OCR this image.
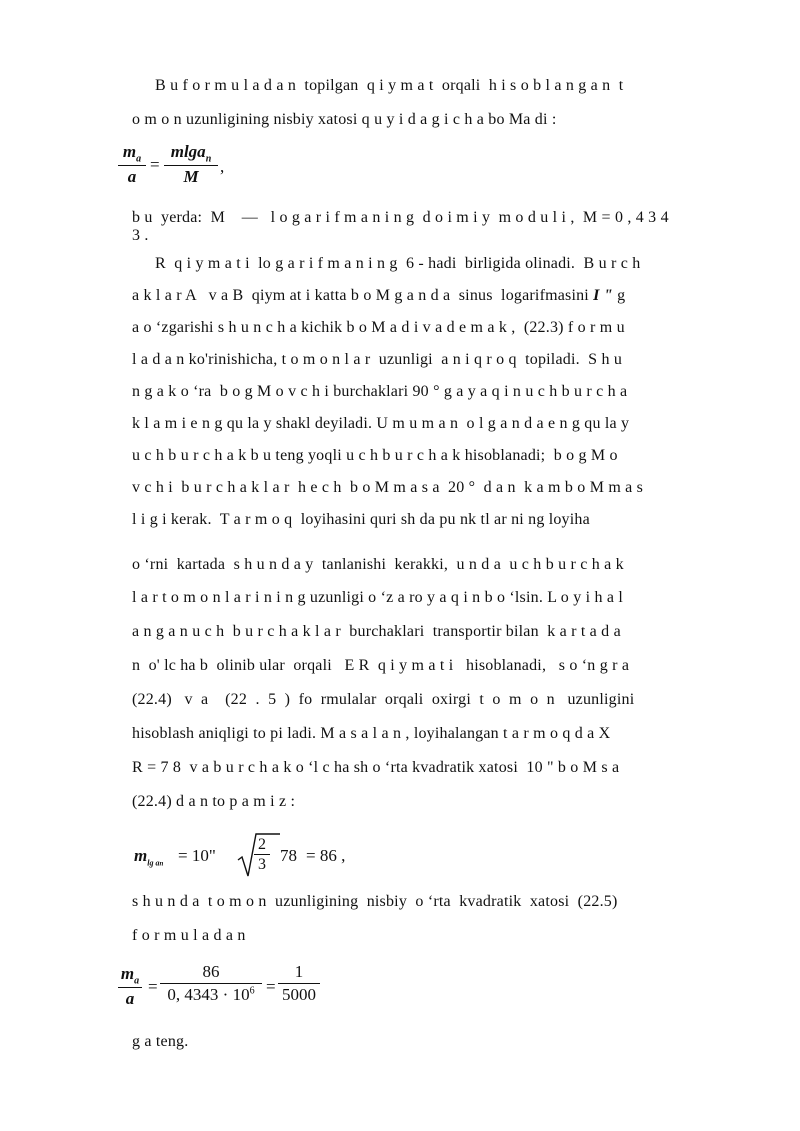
B u f o r m u l a d a n  topilgan  q i y m a t  orqali  h i s o b l a n g a n  t
o m o n uzunligining nisbiy xatosi q u y i d a g i c h a bo Ma di :
$\frac{m_a}{a} = \frac{mlga_n}{M}$ ,
b u  yerda:  M    —   l o g a r i f m a n i n g  d o i m i y  m o d u l i ,  M = 0 , 4 3 4
3 .
R  q i y m a t i  lo g a r i f m a n i n g  6 - hadi  birligida olinadi.  B u r c h
a k l a r A   v a B  qiym at i katta b o M g a n d a  sinus  logarifmasini I " g
a o ‘zgarishi s h u n c h a kichik b o M a d i v a d e m a k ,  (22.3) f o r m u
l a d a n ko'rinishicha, t o m o n l a r  uzunligi  a n i q r o q  topiladi.  S h u
n g a k o ‘ra  b o g M o v c h i burchaklari 90 ° g a y a q i n u c h b u r c h a
k l a m i e n g qu la y shakl deyiladi. U m u m a n  o l g a n d a e n g qu la y
u c h b u r c h a k b u teng yoqli u c h b u r c h a k hisoblanadi;  b o g M o
v c h i  b u r c h a k l a r  h e c h  b o M m a s a  20 °  d a n  k a m b o M m a s
l i g i kerak.  T a r m o q  loyihasini quri sh da pu nk tl ar ni ng loyiha
o ‘rni  kartada  s h u n d a y  tanlanishi  kerakki,  u n d a  u c h b u r c h a k
l a r t o m o n l a r i n i n g uzunligi o ‘z a ro y a q i n b o ‘lsin. L o y i h a l
a n g a n u c h  b u r c h a k l a r  burchaklari  transportir bilan  k a r t a d a
n  o' lc ha b  olinib ular  orqali   E R  q i y m a t i   hisoblanadi,   s o ‘n g r a
(22.4)   v  a    (22  .  5  )  fo  rmulalar  orqali  oxirgi  t  o  m  o  n   uzunligini
hisoblash aniqligi to pi ladi. M a s a l a n , loyihalangan t a r m o q d a X
R = 7 8  v a b u r c h a k o ‘l c ha sh o ‘rta kvadratik xatosi  10 " b o M s a
(22.4) d a n to p a m i z :
$m_{lg an} = 10$" $\frac{2}{3} 78 = 86$ ,
s h u n d a  t o m o n  uzunligining  nisbiy  o ‘rta  kvadratik  xatosi  (22.5)
f o r m u l a d a n
$\frac{m_a}{a} = \frac{86}{0, 4343 \cdot 10^6} = \frac{1}{5000}$
g a teng.
